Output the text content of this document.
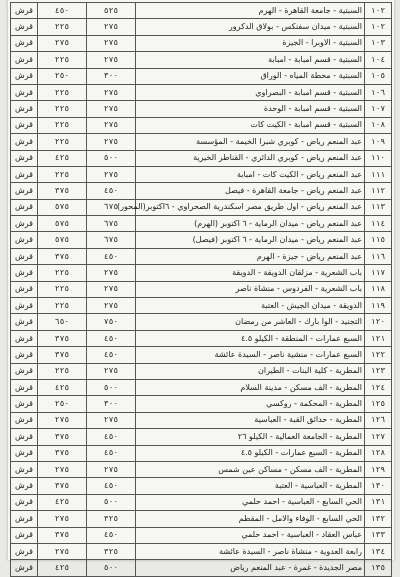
قرش	٤٥٠	٥٢٥	السبتية - جامعة القاهرة - الهرم	١٠٢
قرش	٢٢٥	٢٧٥	السبتية - ميدان سفنكس - بولاق الدكرور	١٠٢
قرش	٢٧٥	٢٧٥	السبتية - الاوبرا - الجيزة	١٠٣
قرش	٢٢٥	٢٧٥	السبتية - قسم امبابة - امبابة	١٠٤
قرش	٢٥٠	٣٠٠	السبتية - محطة المياه - الوراق	١٠٥
قرش	٢٢٥	٢٧٥	السبتية - قسم امبابة - البصراوي	١٠٦
قرش	٢٢٥	٢٧٥	السبتية - قسم امبابة - الوحدة	١٠٧
قرش	٢٢٥	٢٧٥	السبتية - قسم امبابة - الكيت كات	١٠٨
قرش	٢٢٥	٢٧٥	عبد المنعم رياض - كوبري شبرا الخيمة - المؤسسة	١٠٩
قرش	٤٢٥	٥٠٠	عبد المنعم رياض - كوبري الدائري - القناطر الخيرية	١١٠
قرش	٢٢٥	٢٧٥	عبد المنعم رياض - الكيت كات - امبابة	١١١
قرش	٣٧٥	٤٥٠	عبد المنعم رياض - جامعة القاهرة - فيصل	١١٢
قرش	٥٧٥	٦٧٥	عبد المنعم رياض - اول طريق مصر اسكندرية الصحراوي - ٦اكتوبر(المحور)	١١٣
قرش	٥٧٥	٦٧٥	عبد المنعم رياض - ميدان الرماية - ٦ اكتوبر (الهرم)	١١٤
قرش	٥٧٥	٦٧٥	عبد المنعم رياض - ميدان الرماية - ٦ اكتوبر (فيصل)	١١٥
قرش	٣٧٥	٤٥٠	عبد المنعم رياض - جيزة - الهرم	١١٦
قرش	٢٢٥	٢٧٥	باب الشعرية - مزلقان الدويقة - الدويقة	١١٧
قرش	٢٢٥	٢٧٥	باب الشعرية - الفردوس - منشاة ناصر	١١٨
قرش	٢٢٥	٢٧٥	الدويقة - ميدان الجيش - العتبة	١١٩
قرش	٦٥٠	٧٥٠	التجنيد - الوا بارك - العاشر من رمضان	١٢٠
قرش	٣٧٥	٤٥٠	السبع عمارات - المنطقة - الكيلو ٤.٥	١٢١
قرش	٣٧٥	٤٥٠	السبع عمارات - منشية ناصر - السيدة عائشة	١٢٢
قرش	٢٢٥	٢٧٥	المطرية - كلية البنات - الطيران	١٢٣
قرش	٤٢٥	٥٠٠	المطرية - الف مسكن - مدينة السلام	١٢٤
قرش	٢٥٠	٣٠٠	المطرية - المحكمة - روكسي	١٢٥
قرش	٢٧٥	٢٧٥	المطرية - حدائق القبة - العباسية	١٢٦
قرش	٣٧٥	٤٥٠	المطرية - الجامعة العمالية - الكيلو ٢٦	١٢٧
قرش	٣٧٥	٤٥٠	المطرية - السبع عمارات - الكيلو ٤.٥	١٢٨
قرش	٢٧٥	٢٧٥	المطرية - الف مسكن - مساكن عين شمس	١٢٩
قرش	٣٧٥	٤٥٠	المطرية - العباسية - العتبة	١٣٠
قرش	٤٢٥	٥٠٠	الحي السابع - العباسية - احمد حلمي	١٣١
قرش	٢٧٥	٣٢٥	الحي السابع - الوفاء والامل - المقطم	١٣٢
قرش	٣٧٥	٤٥٠	عباس العقاد - العباسية - احمد حلمي	١٣٣
قرش	٢٧٥	٣٢٥	رابعة العدوية - منشاة ناصر - السيدة عائشة	١٣٤
قرش	٤٢٥	٥٠٠	مصر الجديدة - غمرة - عبد المنعم رياض	١٣٥
